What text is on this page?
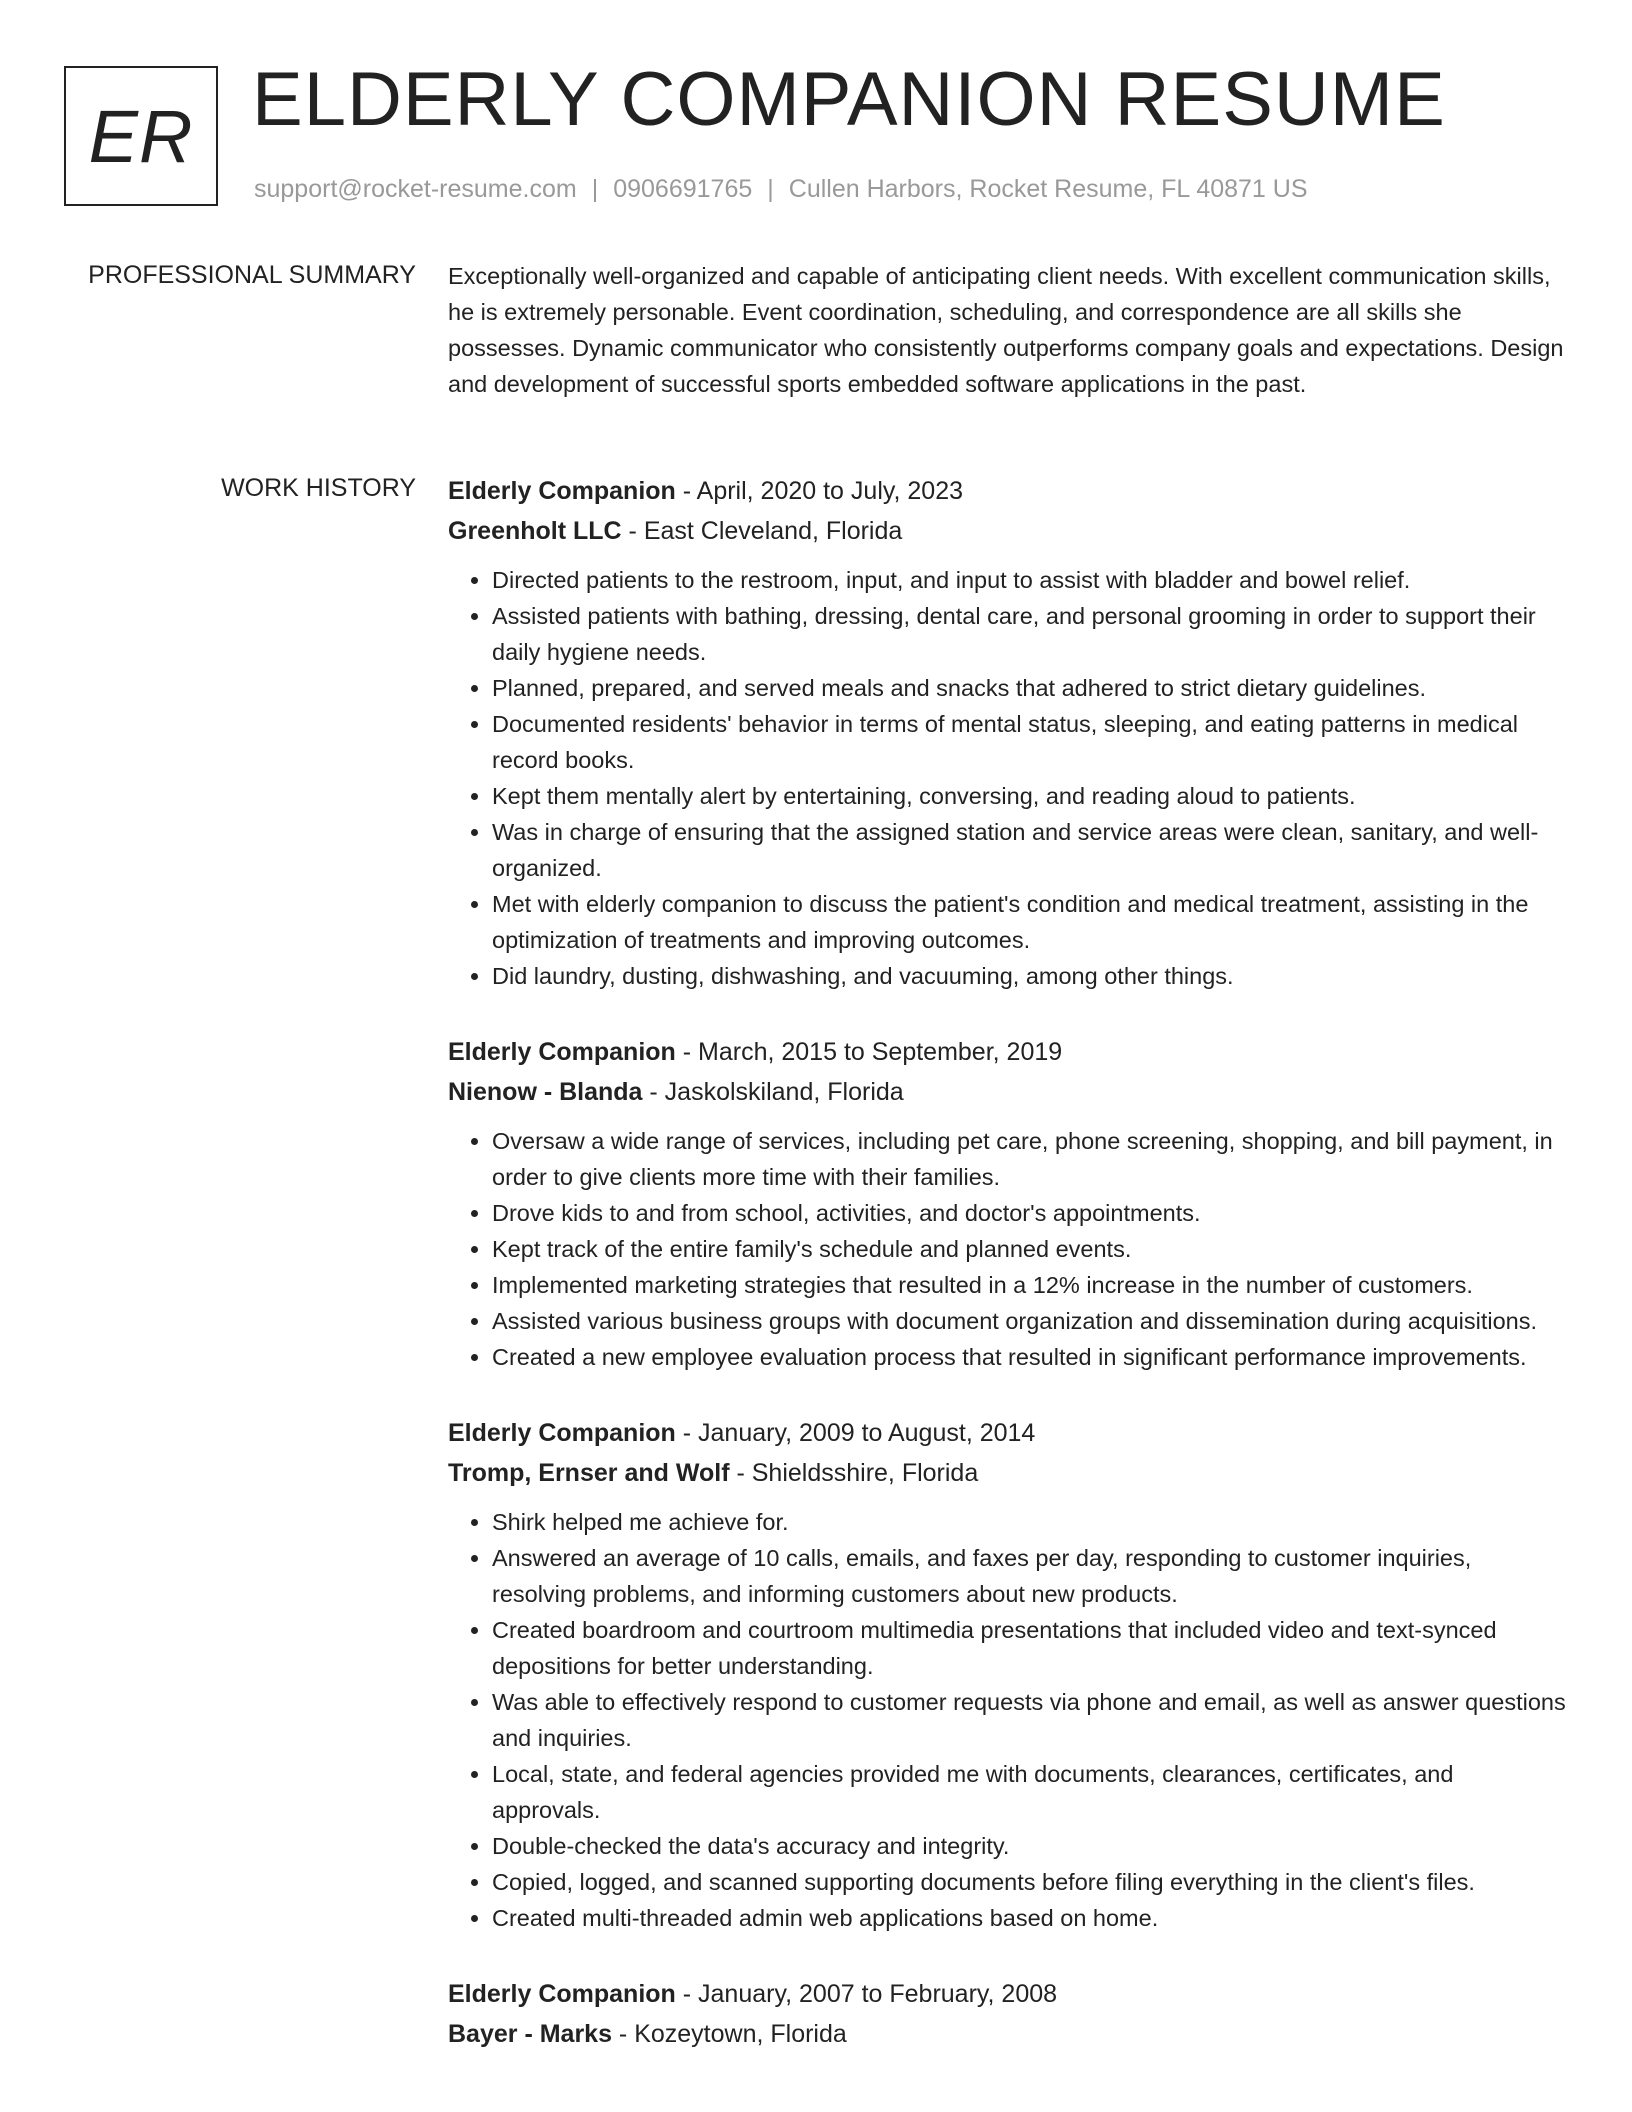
ER ELDERLY COMPANION RESUME
support@rocket-resume.com | 0906691765 | Cullen Harbors, Rocket Resume, FL 40871 US
PROFESSIONAL SUMMARY Exceptionally well-organized and capable of anticipating client needs. With excellent communication skills, he is extremely personable. Event coordination, scheduling, and correspondence are all skills she possesses. Dynamic communicator who consistently outperforms company goals and expectations. Design and development of successful sports embedded software applications in the past.

WORK HISTORY Elderly Companion - April, 2020 to July, 2023
Greenholt LLC - East Cleveland, Florida
• Directed patients to the restroom, input, and input to assist with bladder and bowel relief.
• Assisted patients with bathing, dressing, dental care, and personal grooming in order to support their daily hygiene needs.
• Planned, prepared, and served meals and snacks that adhered to strict dietary guidelines.
• Documented residents' behavior in terms of mental status, sleeping, and eating patterns in medical record books.
• Kept them mentally alert by entertaining, conversing, and reading aloud to patients.
• Was in charge of ensuring that the assigned station and service areas were clean, sanitary, and well-organized.
• Met with elderly companion to discuss the patient's condition and medical treatment, assisting in the optimization of treatments and improving outcomes.
• Did laundry, dusting, dishwashing, and vacuuming, among other things.
Elderly Companion - March, 2015 to September, 2019
Nienow - Blanda - Jaskolskiland, Florida
• Oversaw a wide range of services, including pet care, phone screening, shopping, and bill payment, in order to give clients more time with their families.
• Drove kids to and from school, activities, and doctor's appointments.
• Kept track of the entire family's schedule and planned events.
• Implemented marketing strategies that resulted in a 12% increase in the number of customers.
• Assisted various business groups with document organization and dissemination during acquisitions.
• Created a new employee evaluation process that resulted in significant performance improvements.
Elderly Companion - January, 2009 to August, 2014
Tromp, Ernser and Wolf - Shieldsshire, Florida
• Shirk helped me achieve for.
• Answered an average of 10 calls, emails, and faxes per day, responding to customer inquiries, resolving problems, and informing customers about new products.
• Created boardroom and courtroom multimedia presentations that included video and text-synced depositions for better understanding.
• Was able to effectively respond to customer requests via phone and email, as well as answer questions and inquiries.
• Local, state, and federal agencies provided me with documents, clearances, certificates, and approvals.
• Double-checked the data's accuracy and integrity.
• Copied, logged, and scanned supporting documents before filing everything in the client's files.
• Created multi-threaded admin web applications based on home.
Elderly Companion - January, 2007 to February, 2008
Bayer - Marks - Kozeytown, Florida
